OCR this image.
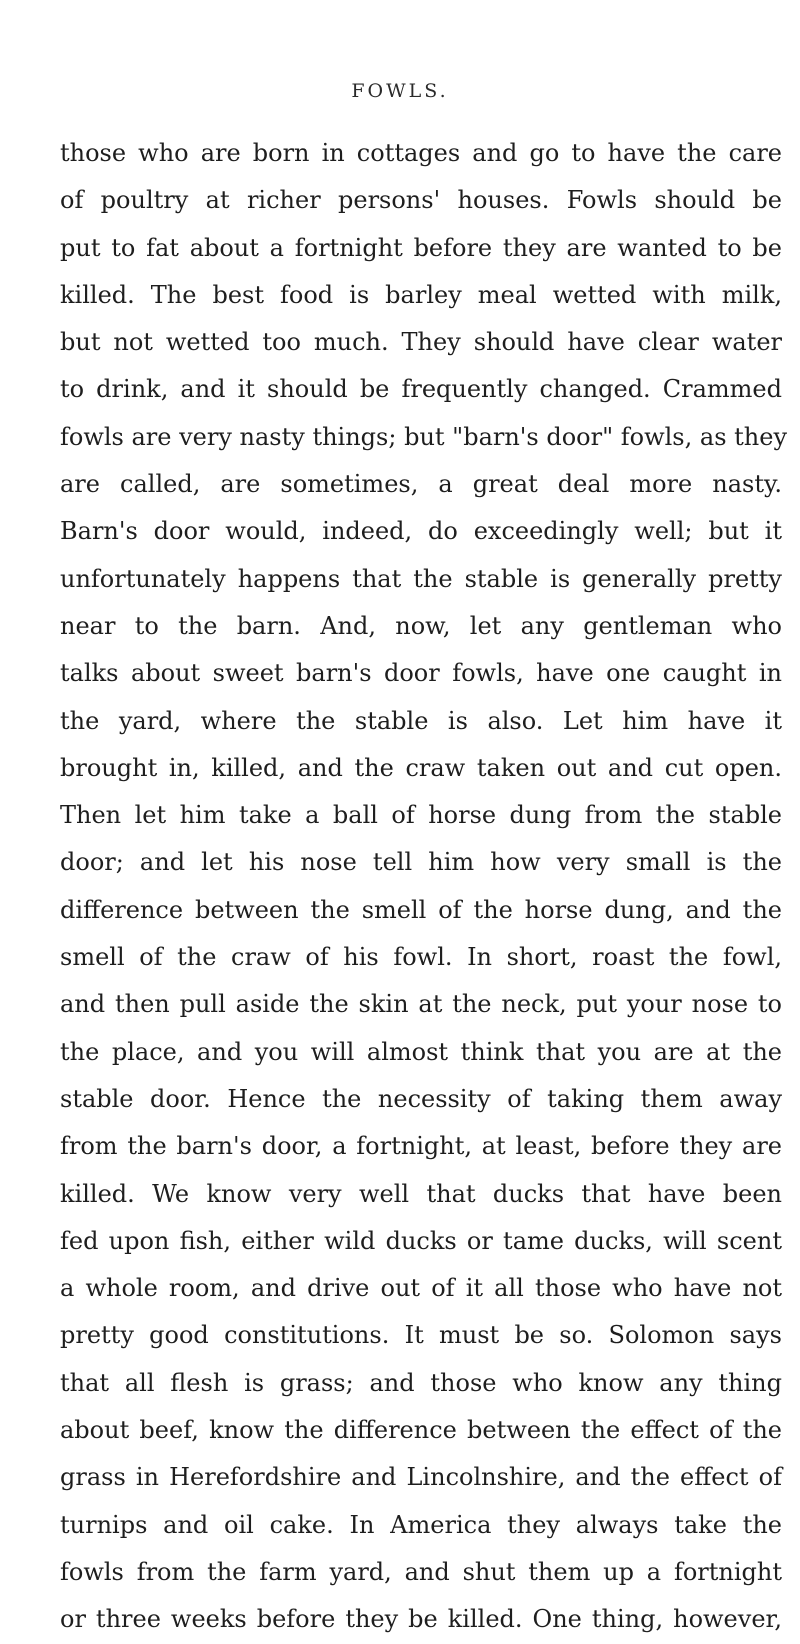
FOWLS.
those who are born in cottages and go to have the care
of poultry at richer persons' houses. Fowls should be
put to fat about a fortnight before they are wanted to be
killed. The best food is barley meal wetted with milk,
but not wetted too much. They should have clear water
to drink, and it should be frequently changed. Crammed
fowls are very nasty things; but "barn's door" fowls, as they
are called, are sometimes, a great deal more nasty.
Barn's door would, indeed, do exceedingly well; but it
unfortunately happens that the stable is generally pretty
near to the barn. And, now, let any gentleman who
talks about sweet barn's door fowls, have one caught in
the yard, where the stable is also. Let him have it
brought in, killed, and the craw taken out and cut open.
Then let him take a ball of horse dung from the stable
door; and let his nose tell him how very small is the
difference between the smell of the horse dung, and the
smell of the craw of his fowl. In short, roast the fowl,
and then pull aside the skin at the neck, put your nose to
the place, and you will almost think that you are at the
stable door. Hence the necessity of taking them away
from the barn's door, a fortnight, at least, before they are
killed. We know very well that ducks that have been
fed upon fish, either wild ducks or tame ducks, will scent
a whole room, and drive out of it all those who have not
pretty good constitutions. It must be so. Solomon says
that all flesh is grass; and those who know any thing
about beef, know the difference between the effect of the
grass in Herefordshire and Lincolnshire, and the effect of
turnips and oil cake. In America they always take the
fowls from the farm yard, and shut them up a fortnight
or three weeks before they be killed. One thing, however,
